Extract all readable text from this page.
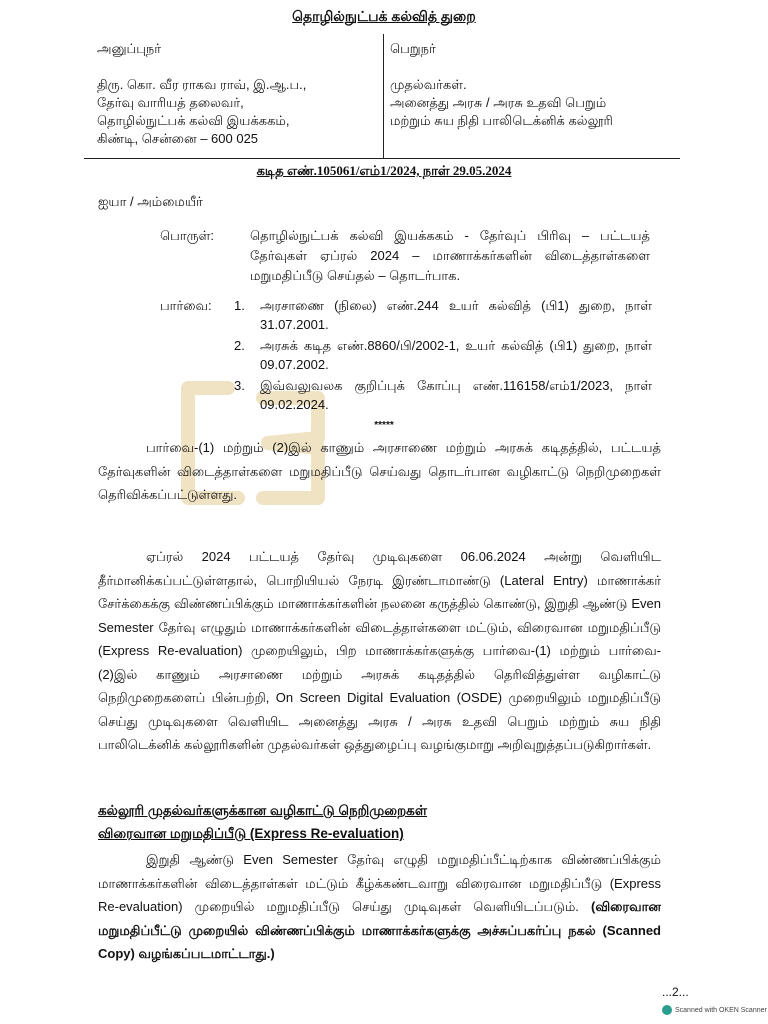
தொழில்நுட்பக் கல்வித் துறை
அனுப்புநர்
திரு. கொ. வீர ராகவ ராவ், இ.ஆ.ப.,
தேர்வு வாரியத் தலைவர்,
தொழில்நுட்பக் கல்வி இயக்ககம்,
கிண்டி, சென்னை – 600 025
பெறுநர்
முதல்வர்கள்.
அனைத்து அரசு / அரசு உதவி பெறும்
மற்றும் சுய நிதி பாலிடெக்னிக் கல்லூரி
கடித எண்.105061/எம்1/2024, நாள் 29.05.2024
ஐயா / அம்மையீர்
பொருள்:	தொழில்நுட்பக் கல்வி இயக்ககம் - தேர்வுப் பிரிவு – பட்டயத் தேர்வுகள் ஏப்ரல் 2024 – மாணாக்கர்களின் விடைத்தாள்களை மறுமதிப்பீடு செய்தல் – தொடர்பாக.
பார்வை: 1.	அரசாணை (நிலை) எண்.244 உயர் கல்வித் (பி1) துறை, நாள் 31.07.2001.
2.	அரசுக் கடித எண்.8860/பி/2002-1, உயர் கல்வித் (பி1) துறை, நாள் 09.07.2002.
3.	இவ்வலுவலக குறிப்புக் கோப்பு எண்.116158/எம்1/2023, நாள் 09.02.2024.
*****
பார்வை-(1) மற்றும் (2)இல் காணும் அரசாணை மற்றும் அரசுக் கடிதத்தில், பட்டயத் தேர்வுகளின் விடைத்தாள்களை மறுமதிப்பீடு செய்வது தொடர்பான வழிகாட்டு நெறிமுறைகள் தெரிவிக்கப்பட்டுள்ளது.
ஏப்ரல் 2024 பட்டயத் தேர்வு முடிவுகளை 06.06.2024 அன்று வெளியிட தீர்மானிக்கப்பட்டுள்ளதால், பொறியியல் நேரடி இரண்டாமாண்டு (Lateral Entry) மாணாக்கர் சேர்க்கைக்கு விண்ணப்பிக்கும் மாணாக்கர்களின் நலனை கருத்தில் கொண்டு, இறுதி ஆண்டு Even Semester தேர்வு எழுதும் மாணாக்கர்களின் விடைத்தாள்களை மட்டும், விரைவான மறுமதிப்பீடு (Express Re-evaluation) முறையிலும், பிற மாணாக்கர்களுக்கு பார்வை-(1) மற்றும் பார்வை-(2)இல் காணும் அரசாணை மற்றும் அரசுக் கடிதத்தில் தெரிவித்துள்ள வழிகாட்டு நெறிமுறைகளைப் பின்பற்றி, On Screen Digital Evaluation (OSDE) முறையிலும் மறுமதிப்பீடு செய்து முடிவுகளை வெளியிட அனைத்து அரசு / அரசு உதவி பெறும் மற்றும் சுய நிதி பாலிடெக்னிக் கல்லூரிகளின் முதல்வர்கள் ஒத்துழைப்பு வழங்குமாறு அறிவுறுத்தப்படுகிறார்கள்.
கல்லூரி முதல்வர்களுக்கான வழிகாட்டு நெறிமுறைகள்
விரைவான மறுமதிப்பீடு (Express Re-evaluation)
இறுதி ஆண்டு Even Semester தேர்வு எழுதி மறுமதிப்பீட்டிற்காக விண்ணப்பிக்கும் மாணாக்கர்களின் விடைத்தாள்கள் மட்டும் கீழ்க்கண்டவாறு விரைவான மறுமதிப்பீடு (Express Re-evaluation) முறையில் மறுமதிப்பீடு செய்து முடிவுகள் வெளியிடப்படும். (விரைவான மறுமதிப்பீட்டு முறையில் விண்ணப்பிக்கும் மாணாக்கர்களுக்கு அச்சுப்பகர்ப்பு நகல் (Scanned Copy) வழங்கப்படமாட்டாது.)
...2...
Scanned with OKEN Scanner
